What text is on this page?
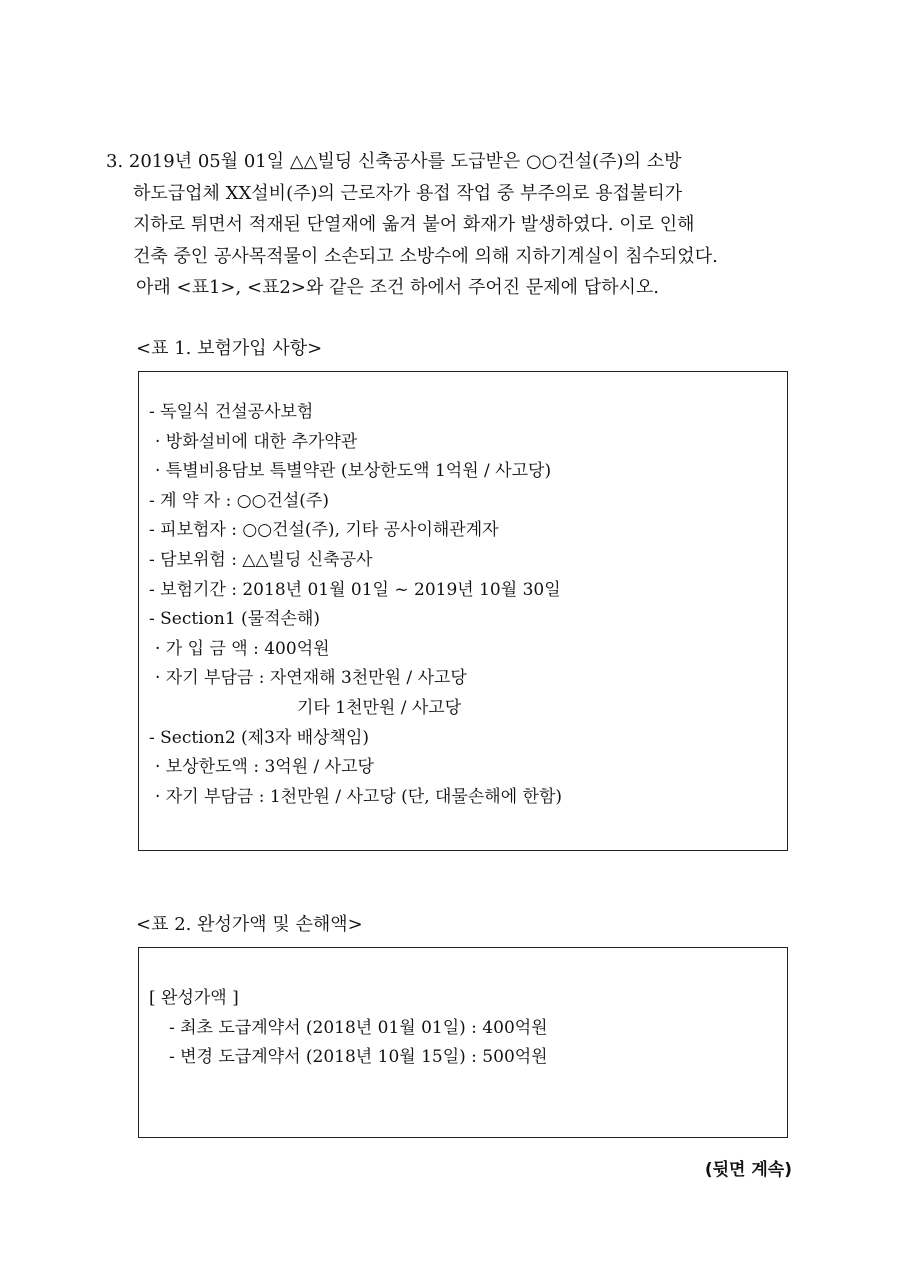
3. 2019년 05월 01일 △△빌딩 신축공사를 도급받은 ○○건설(주)의 소방
하도급업체 XX설비(주)의 근로자가 용접 작업 중 부주의로 용접불티가
지하로 튀면서 적재된 단열재에 옮겨 붙어 화재가 발생하였다. 이로 인해
건축 중인 공사목적물이 소손되고 소방수에 의해 지하기계실이 침수되었다.
아래 <표1>, <표2>와 같은 조건 하에서 주어진 문제에 답하시오.
<표 1. 보험가입 사항>
- 독일식 건설공사보험
· 방화설비에 대한 추가약관
· 특별비용담보 특별약관 (보상한도액 1억원 / 사고당)
- 계 약 자 : ○○건설(주)
- 피보험자 : ○○건설(주), 기타 공사이해관계자
- 담보위험 : △△빌딩 신축공사
- 보험기간 : 2018년 01월 01일 ~ 2019년 10월 30일
- Section1 (물적손해)
· 가 입 금 액 : 400억원
· 자기 부담금 : 자연재해 3천만원 / 사고당
기타 1천만원 / 사고당
- Section2 (제3자 배상책임)
· 보상한도액 : 3억원 / 사고당
· 자기 부담금 : 1천만원 / 사고당 (단, 대물손해에 한함)
<표 2. 완성가액 및 손해액>
[ 완성가액 ]
- 최초 도급계약서 (2018년 01월 01일) : 400억원
- 변경 도급계약서 (2018년 10월 15일) : 500억원
(뒷면 계속)
